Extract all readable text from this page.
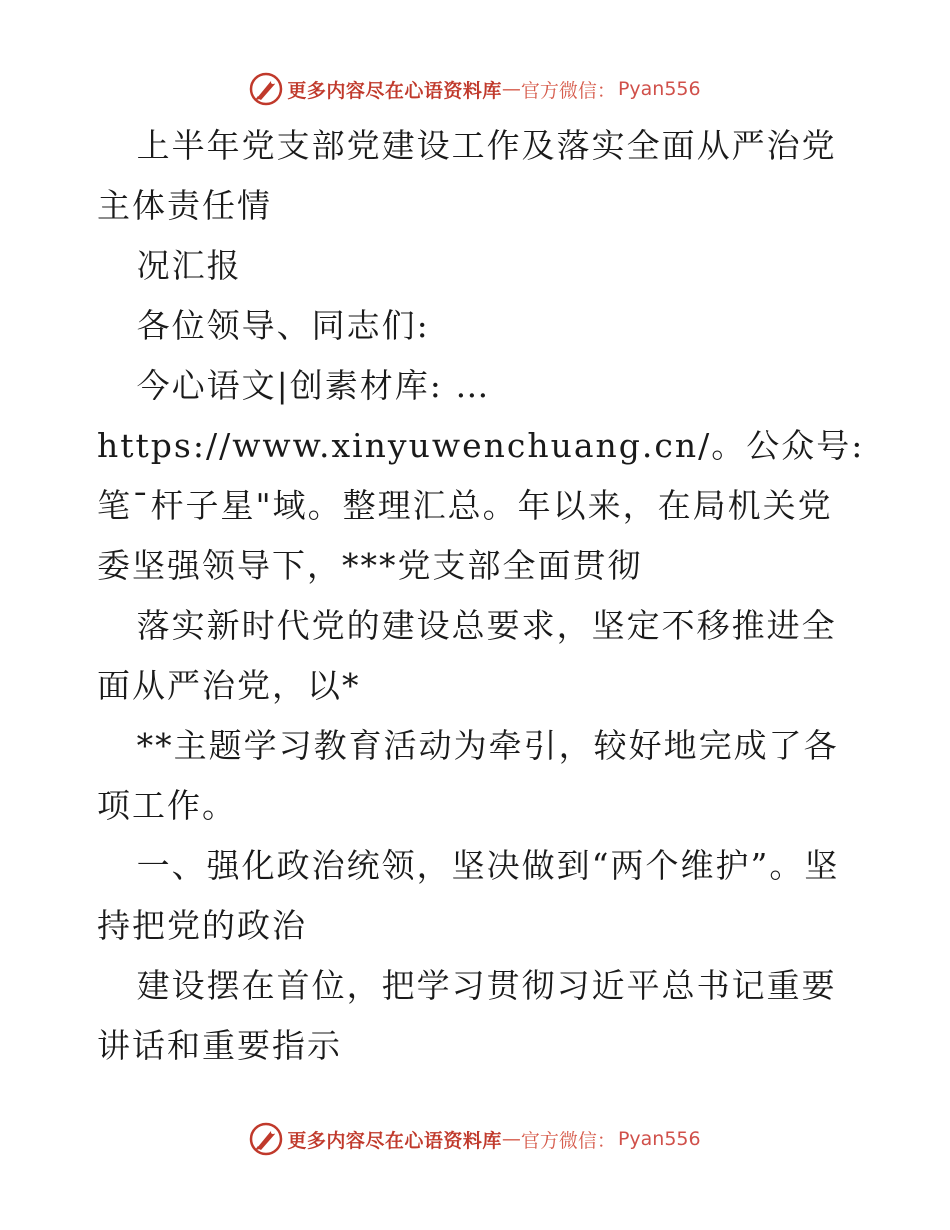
更多内容尽在心语资料库 — 官方微信： Pyan556

上半年党支部党建设工作及落实全面从严治党主体责任情

况汇报

各位领导、同志们:

今心语文|创素材库: …https://www.xinyuwenchuang.cn/。公众号: 笔¯杆子星"域。整理汇总。年以来，在局机关党委坚强领导下，***党支部全面贯彻

落实新时代党的建设总要求，坚定不移推进全面从严治党，以*

**主题学习教育活动为牵引，较好地完成了各项工作。

一、强化政治统领，坚决做到“两个维护”。坚持把党的政治

建设摆在首位，把学习贯彻习近平总书记重要讲话和重要指示

更多内容尽在心语资料库 — 官方微信： Pyan556
